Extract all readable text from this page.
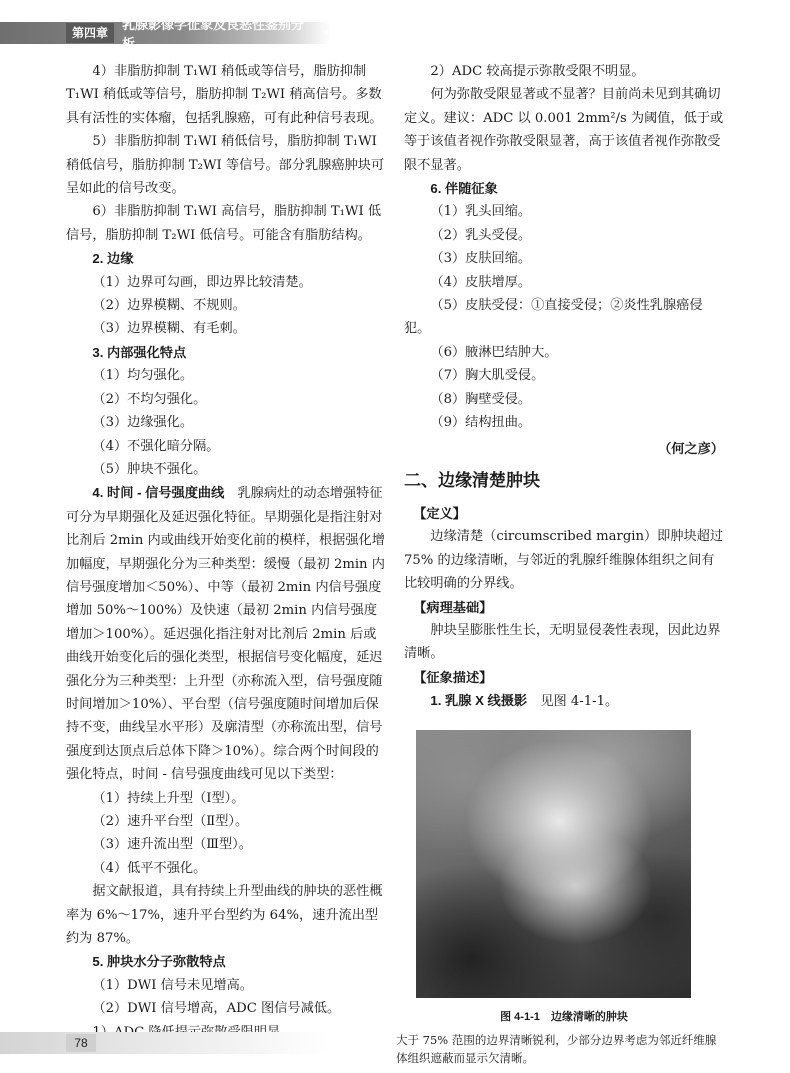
第四章
乳腺影像学征象及良恶性鉴别分析
•

4）非脂肪抑制 T₁WI 稍低或等信号，脂肪抑制 T₁WI 稍低或等信号，脂肪抑制 T₂WI 稍高信号。多数具有活性的实体瘤，包括乳腺癌，可有此种信号表现。

5）非脂肪抑制 T₁WI 稍低信号，脂肪抑制 T₁WI 稍低信号，脂肪抑制 T₂WI 等信号。部分乳腺癌肿块可呈如此的信号改变。

6）非脂肪抑制 T₁WI 高信号，脂肪抑制 T₁WI 低信号，脂肪抑制 T₂WI 低信号。可能含有脂肪结构。

2. 边缘

（1）边界可勾画，即边界比较清楚。

（2）边界模糊、不规则。

（3）边界模糊、有毛刺。

3. 内部强化特点

（1）均匀强化。

（2）不均匀强化。

（3）边缘强化。

（4）不强化暗分隔。

（5）肿块不强化。

4. 时间 - 信号强度曲线　 乳腺病灶的动态增强特征可分为早期强化及延迟强化特征。早期强化是指注射对比剂后 2min 内或曲线开始变化前的模样，根据强化增加幅度，早期强化分为三种类型：缓慢（最初 2min 内信号强度增加＜50%）、中等（最初 2min 内信号强度增加 50%～100%）及快速（最初 2min 内信号强度增加＞100%）。延迟强化指注射对比剂后 2min 后或曲线开始变化后的强化类型，根据信号变化幅度，延迟强化分为三种类型：上升型（亦称流入型，信号强度随时间增加＞10%）、平台型（信号强度随时间增加后保持不变，曲线呈水平形）及廓清型（亦称流出型，信号强度到达顶点后总体下降＞10%）。综合两个时间段的强化特点，时间 - 信号强度曲线可见以下类型：

（1）持续上升型（Ⅰ型）。

（2）速升平台型（Ⅱ型）。

（3）速升流出型（Ⅲ型）。

（4）低平不强化。

据文献报道，具有持续上升型曲线的肿块的恶性概率为 6%～17%，速升平台型约为 64%，速升流出型约为 87%。

5. 肿块水分子弥散特点

（1）DWI 信号未见增高。

（2）DWI 信号增高，ADC 图信号减低。

2）ADC 较高提示弥散受限不明显。

何为弥散受限显著或不显著？目前尚未见到其确切定义。建议：ADC 以 0.001 2mm²/s 为阈值，低于或等于该值者视作弥散受限显著，高于该值者视作弥散受限不显著。

6. 伴随征象

（1）乳头回缩。

（2）乳头受侵。

（3）皮肤回缩。

（4）皮肤增厚。

（5）皮肤受侵：①直接受侵；②炎性乳腺癌侵犯。

（6）腋淋巴结肿大。

（7）胸大肌受侵。

（8）胸壁受侵。

（9）结构扭曲。

（何之彦）

二、边缘清楚肿块

【定义】

边缘清楚（circumscribed margin）即肿块超过 75% 的边缘清晰，与邻近的乳腺纤维腺体组织之间有比较明确的分界线。

【病理基础】

肿块呈膨胀性生长，无明显侵袭性表现，因此边界清晰。

【征象描述】

1. 乳腺 X 线摄影　 见图 4-1-1。

图 4-1-1　边缘清晰的肿块

大于 75% 范围的边界清晰锐利，少部分边界考虑为邻近纤维腺体组织遮蔽而显示欠清晰。

78
